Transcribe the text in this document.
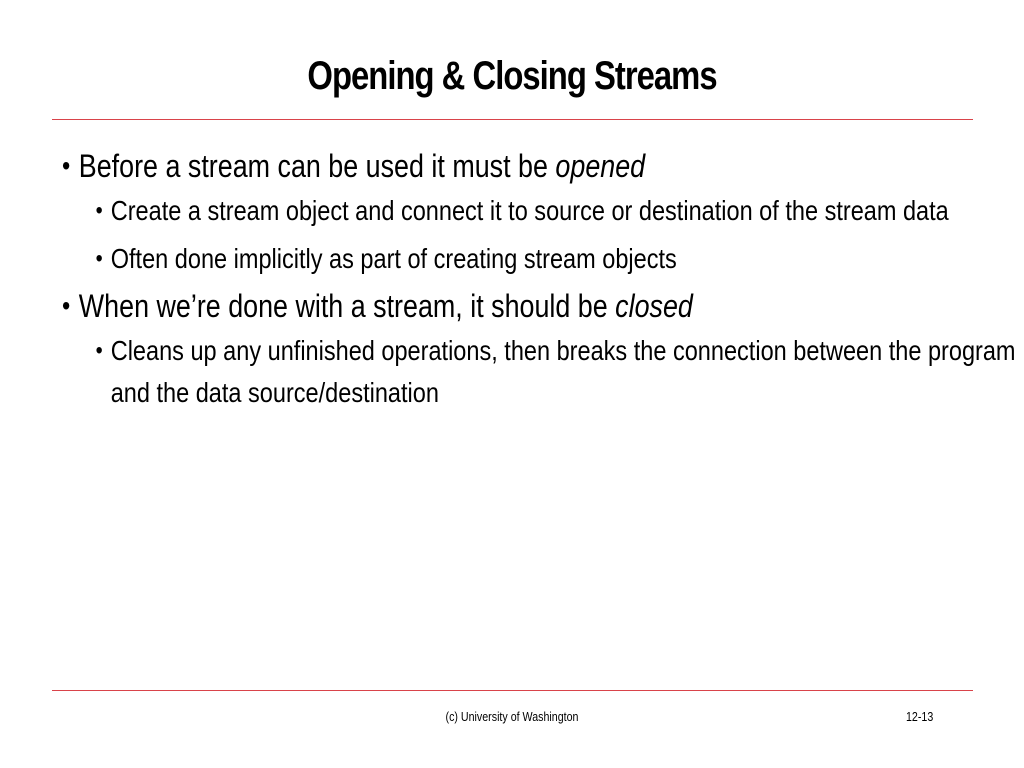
Opening & Closing Streams
• Before a stream can be used it must be opened
• Create a stream object and connect it to source or destination of the stream data
• Often done implicitly as part of creating stream objects
• When we’re done with a stream, it should be closed
• Cleans up any unfinished operations, then breaks the connection between the program and the data source/destination
(c) University of Washington	12-13
